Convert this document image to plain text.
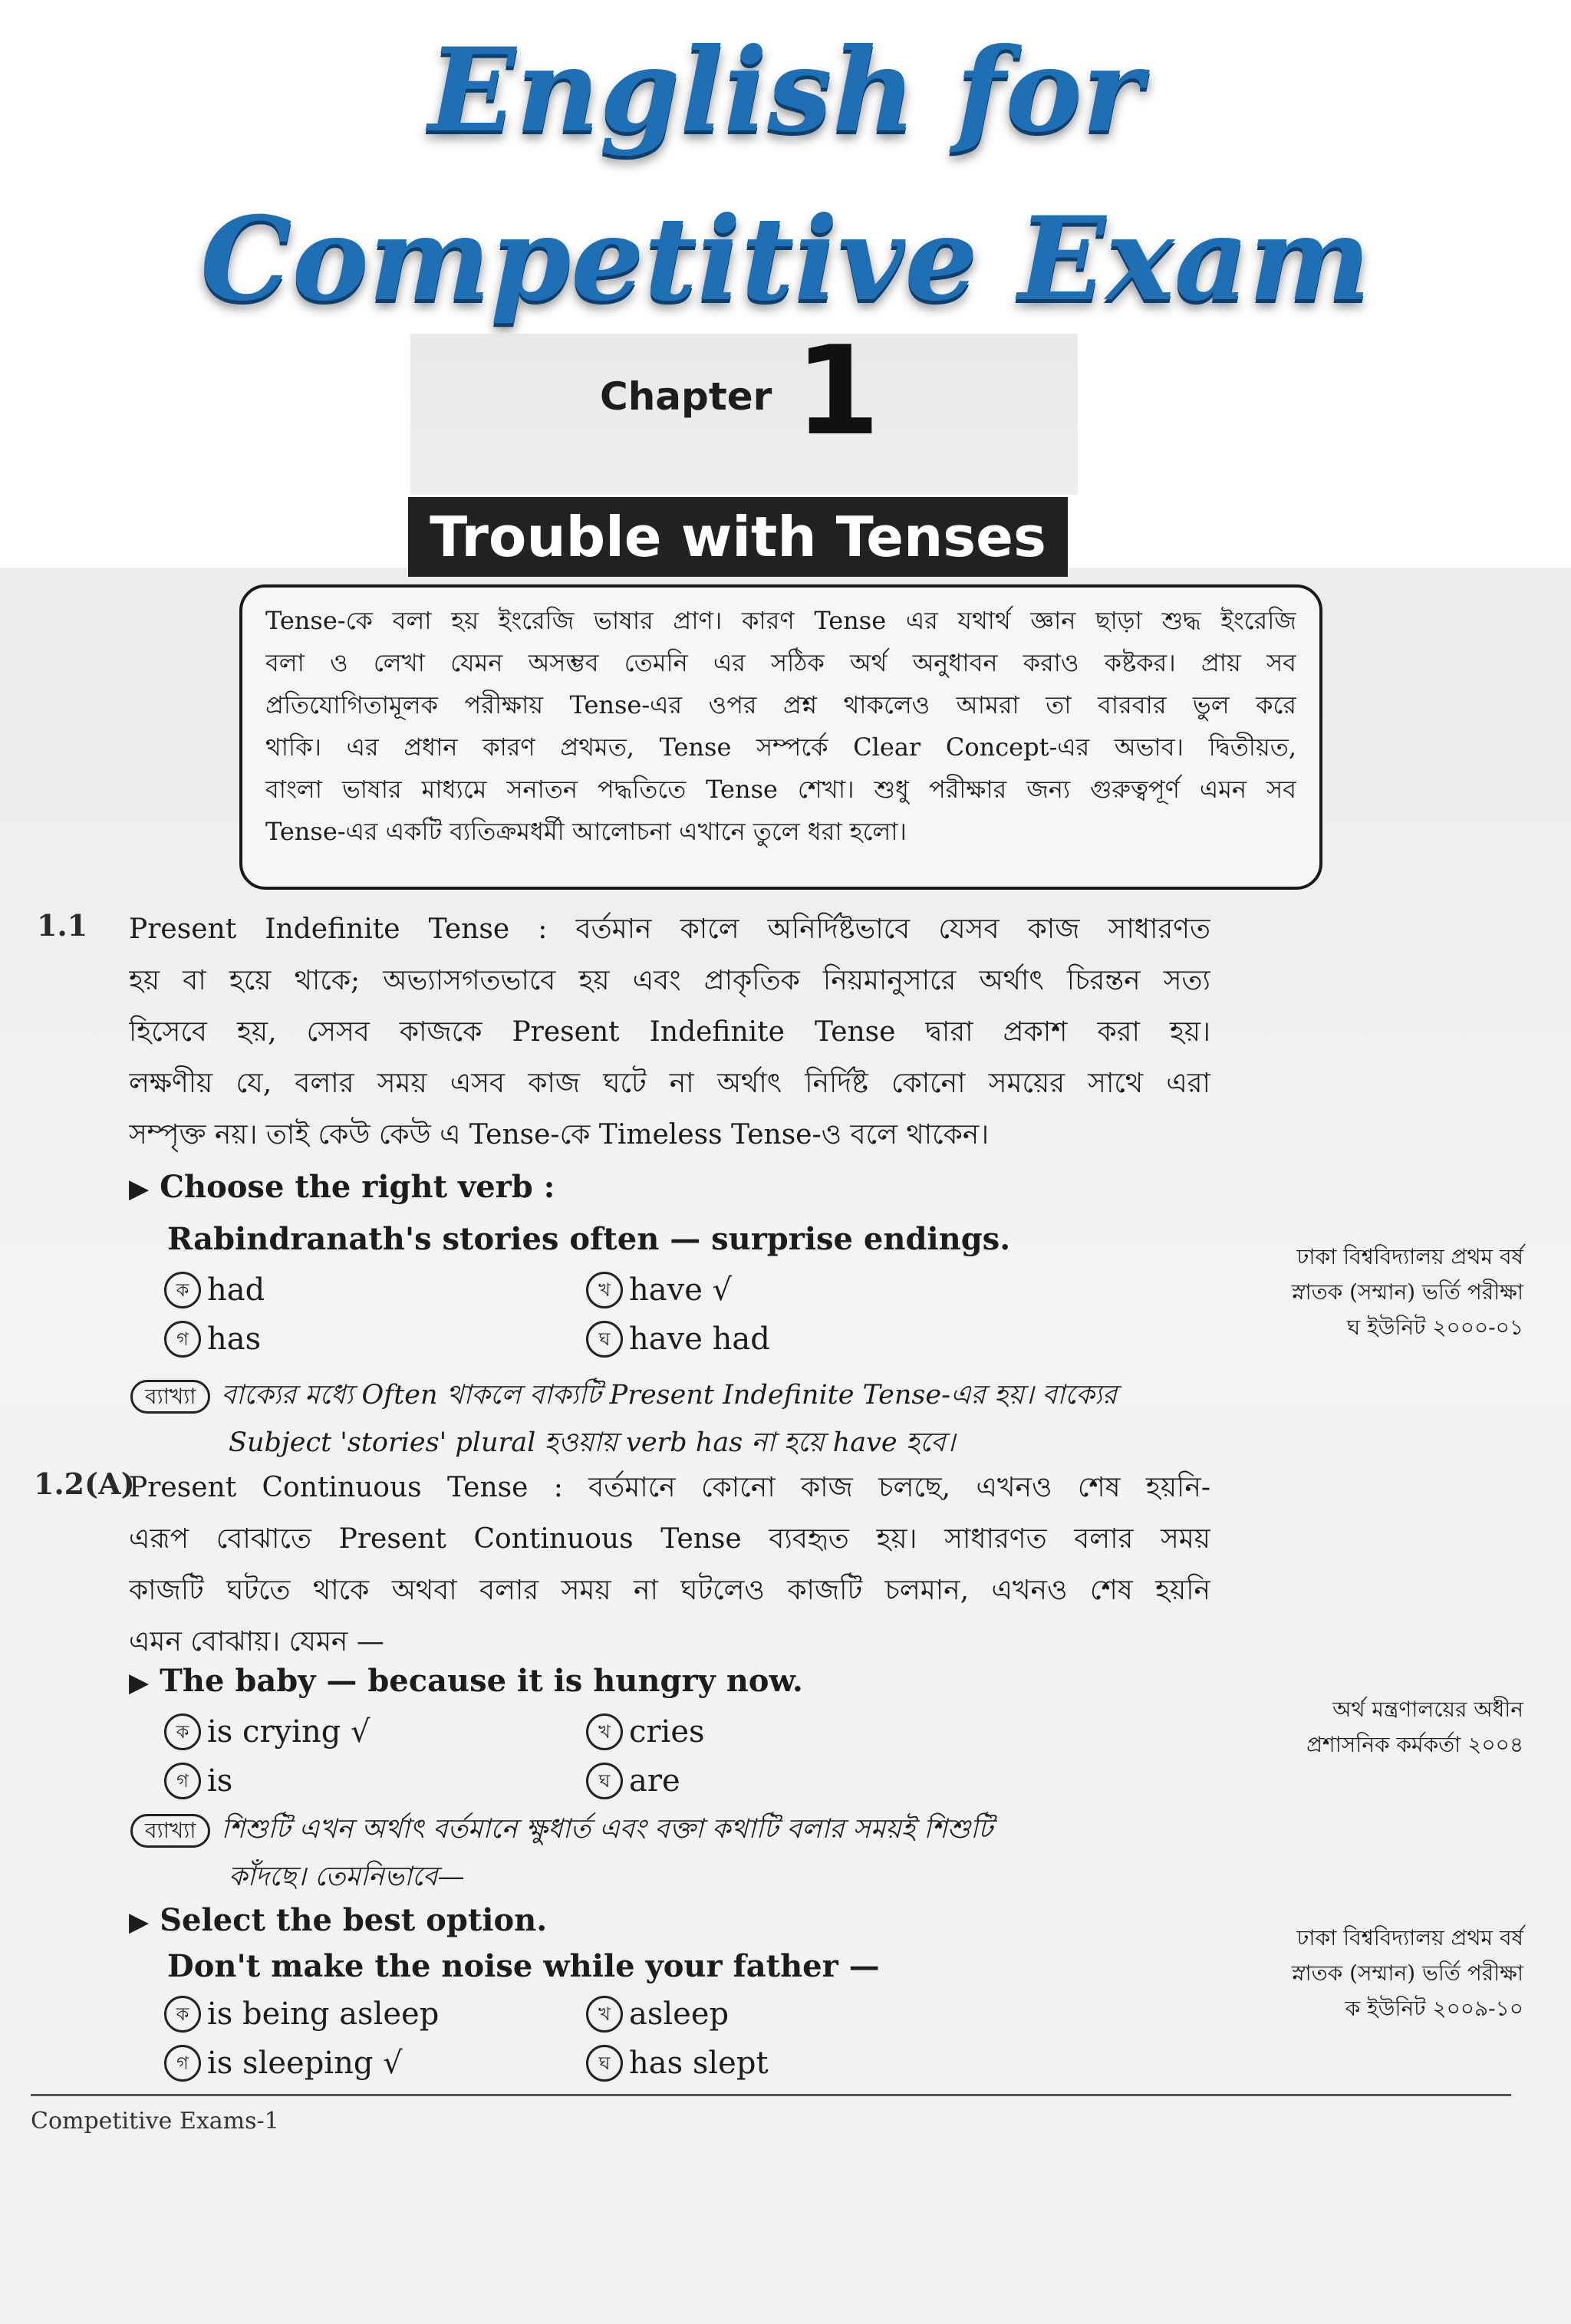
English for
Competitive Exam
Chapter 1
Trouble with Tenses
Tense-কে বলা হয় ইংরেজি ভাষার প্রাণ। কারণ Tense এর যথার্থ জ্ঞান ছাড়া শুদ্ধ ইংরেজি
বলা ও লেখা যেমন অসম্ভব তেমনি এর সঠিক অর্থ অনুধাবন করাও কষ্টকর। প্রায় সব
প্রতিযোগিতামূলক পরীক্ষায় Tense-এর ওপর প্রশ্ন থাকলেও আমরা তা বারবার ভুল করে
থাকি। এর প্রধান কারণ প্রথমত, Tense সম্পর্কে Clear Concept-এর অভাব। দ্বিতীয়ত,
বাংলা ভাষার মাধ্যমে সনাতন পদ্ধতিতে Tense শেখা। শুধু পরীক্ষার জন্য গুরুত্বপূর্ণ এমন সব
Tense-এর একটি ব্যতিক্রমধর্মী আলোচনা এখানে তুলে ধরা হলো।
1.1 Present Indefinite Tense : বর্তমান কালে অনির্দিষ্টভাবে যেসব কাজ সাধারণত
হয় বা হয়ে থাকে; অভ্যাসগতভাবে হয় এবং প্রাকৃতিক নিয়মানুসারে অর্থাৎ চিরন্তন সত্য
হিসেবে হয়, সেসব কাজকে Present Indefinite Tense দ্বারা প্রকাশ করা হয়।
লক্ষণীয় যে, বলার সময় এসব কাজ ঘটে না অর্থাৎ নির্দিষ্ট কোনো সময়ের সাথে এরা
সম্পৃক্ত নয়। তাই কেউ কেউ এ Tense-কে Timeless Tense-ও বলে থাকেন।
▶ Choose the right verb :
Rabindranath's stories often — surprise endings.
ক had	খ have √
গ has	ঘ have had
ঢাকা বিশ্ববিদ্যালয় প্রথম বর্ষ
স্নাতক (সম্মান) ভর্তি পরীক্ষা
ঘ ইউনিট ২০০০-০১
ব্যাখ্যা বাক্যের মধ্যে Often থাকলে বাক্যটি Present Indefinite Tense-এর হয়। বাক্যের
Subject 'stories' plural হওয়ায় verb has না হয়ে have হবে।
1.2(A)
Present Continuous Tense : বর্তমানে কোনো কাজ চলছে, এখনও শেষ হয়নি-
এরূপ বোঝাতে Present Continuous Tense ব্যবহৃত হয়। সাধারণত বলার সময়
কাজটি ঘটতে থাকে অথবা বলার সময় না ঘটলেও কাজটি চলমান, এখনও শেষ হয়নি
এমন বোঝায়। যেমন —
▶ The baby — because it is hungry now.
ক is crying √	খ cries
গ is	ঘ are
অর্থ মন্ত্রণালয়ের অধীন
প্রশাসনিক কর্মকর্তা ২০০৪
ব্যাখ্যা শিশুটি এখন অর্থাৎ বর্তমানে ক্ষুধার্ত এবং বক্তা কথাটি বলার সময়ই শিশুটি
কাঁদছে। তেমনিভাবে—
▶ Select the best option.
Don't make the noise while your father —
ক is being asleep	খ asleep
গ is sleeping √	ঘ has slept
ঢাকা বিশ্ববিদ্যালয় প্রথম বর্ষ
স্নাতক (সম্মান) ভর্তি পরীক্ষা
ক ইউনিট ২০০৯-১০
Competitive Exams-1
